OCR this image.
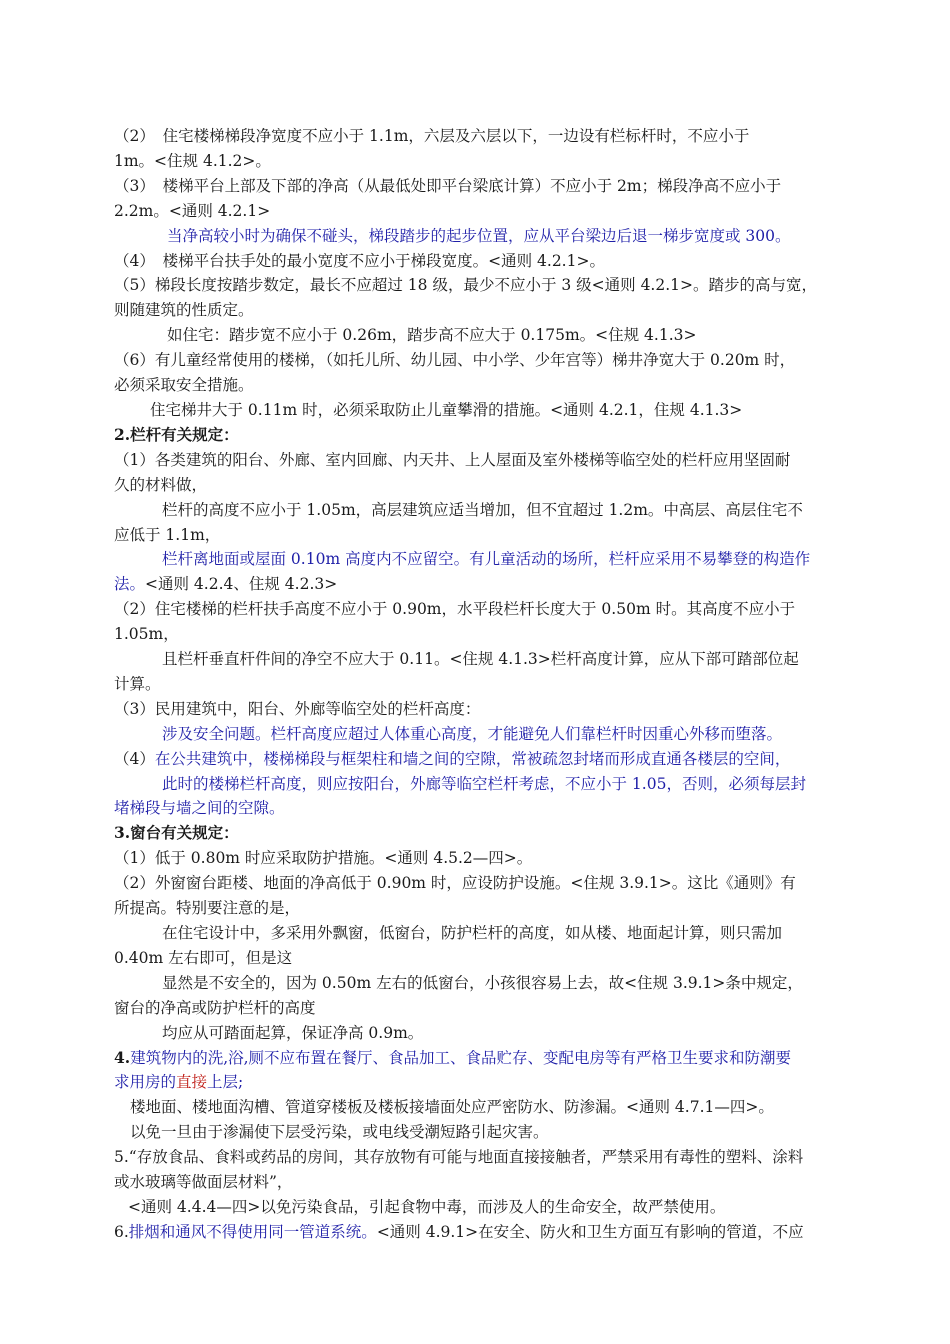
（2）　住宅楼梯梯段净宽度不应小于 1.1m，六层及六层以下，一边设有栏标杆时，不应小于

1m。<住规 4.1.2>。

（3）　楼梯平台上部及下部的净高（从最低处即平台梁底计算）不应小于 2m；梯段净高不应小于

2.2m。<通则 4.2.1>

当净高较小时为确保不碰头，梯段踏步的起步位置，应从平台梁边后退一梯步宽度或 300。

（4）　楼梯平台扶手处的最小宽度不应小于梯段宽度。<通则 4.2.1>。

（5）梯段长度按踏步数定，最长不应超过 18 级，最少不应小于 3 级<通则 4.2.1>。踏步的高与宽，

则随建筑的性质定。

如住宅：踏步宽不应小于 0.26m，踏步高不应大于 0.175m。<住规 4.1.3>

（6）有儿童经常使用的楼梯，（如托儿所、幼儿园、中小学、少年宫等）梯井净宽大于 0.20m 时，

必须采取安全措施。

住宅梯井大于 0.11m 时，必须采取防止儿童攀滑的措施。<通则 4.2.1，住规 4.1.3>

2.栏杆有关规定：

（1）各类建筑的阳台、外廊、室内回廊、内天井、上人屋面及室外楼梯等临空处的栏杆应用坚固耐

久的材料做，

栏杆的高度不应小于 1.05m，高层建筑应适当增加，但不宜超过 1.2m。中高层、高层住宅不

应低于 1.1m，

栏杆离地面或屋面 0.10m 高度内不应留空。有儿童活动的场所，栏杆应采用不易攀登的构造作

法。<通则 4.2.4、住规 4.2.3>

（2）住宅楼梯的栏杆扶手高度不应小于 0.90m，水平段栏杆长度大于 0.50m 时。其高度不应小于

1.05m，

且栏杆垂直杆件间的净空不应大于 0.11。<住规 4.1.3>栏杆高度计算，应从下部可踏部位起

计算。

（3）民用建筑中，阳台、外廊等临空处的栏杆高度：

涉及安全问题。栏杆高度应超过人体重心高度，才能避免人们靠栏杆时因重心外移而堕落。

（4）在公共建筑中，楼梯梯段与框架柱和墙之间的空隙，常被疏忽封堵而形成直通各楼层的空间，

此时的楼梯栏杆高度，则应按阳台，外廊等临空栏杆考虑，不应小于 1.05，否则，必须每层封

堵梯段与墙之间的空隙。

3.窗台有关规定：

（1）低于 0.80m 时应采取防护措施。<通则 4.5.2—四>。

（2）外窗窗台距楼、地面的净高低于 0.90m 时，应设防护设施。<住规 3.9.1>。这比《通则》有

所提高。特别要注意的是，

在住宅设计中，多采用外飘窗，低窗台，防护栏杆的高度，如从楼、地面起计算，则只需加

0.40m 左右即可，但是这

显然是不安全的，因为 0.50m 左右的低窗台，小孩很容易上去，故<住规 3.9.1>条中规定，

窗台的净高或防护栏杆的高度

均应从可踏面起算，保证净高 0.9m。

4.建筑物内的洗,浴,厕不应布置在餐厅、食品加工、食品贮存、变配电房等有严格卫生要求和防潮要

求用房的直接上层;

楼地面、楼地面沟槽、管道穿楼板及楼板接墙面处应严密防水、防渗漏。<通则 4.7.1—四>。

以免一旦由于渗漏使下层受污染，或电线受潮短路引起灾害。

5.“存放食品、食料或药品的房间，其存放物有可能与地面直接接触者，严禁采用有毒性的塑料、涂料

或水玻璃等做面层材料”，

<通则 4.4.4—四>以免污染食品，引起食物中毒，而涉及人的生命安全，故严禁使用。

6.排烟和通风不得使用同一管道系统。<通则 4.9.1>在安全、防火和卫生方面互有影响的管道，不应
